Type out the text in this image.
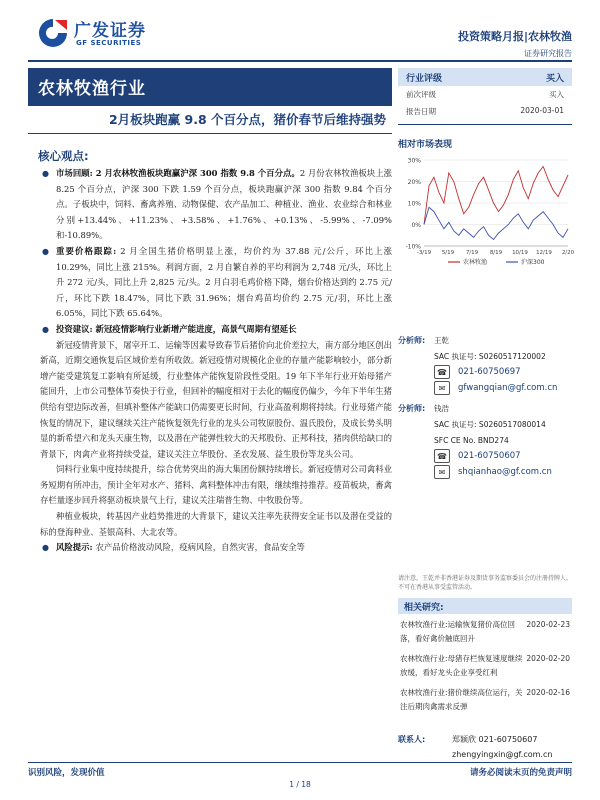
广发证券
GF SECURITIES	投资策略月报|农林牧渔
证券研究报告
农林牧渔行业
2月板块跑赢 9.8 个百分点，猪价春节后维持强势
核心观点:

● 市场回顾: 2 月农林牧渔板块跑赢沪深 300 指数 9.8 个百分点。2 月份农林牧渔板块上涨 8.25 个百分点，沪深 300 下跌 1.59 个百分点，板块跑赢沪深 300 指数 9.84 个百分点。子板块中，饲料、畜禽养殖、动物保健、农产品加工、种植业、渔业、农业综合和林业分别+13.44%、+11.23%、+3.58%、+1.76%、+0.13%、-5.99%、-7.09%和-10.89%。

● 重要价格跟踪: 2 月全国生猪价格明显上涨，均价约为 37.88 元/公斤，环比上涨 10.29%，同比上涨 215%。利润方面，2 月自繁自养的平均利润为 2,748 元/头，环比上升 272 元/头，同比上升 2,825 元/头。2 月白羽毛鸡价格下降，烟台价格达到约 2.75 元/斤，环比下跌 18.47%，同比下跌 31.96%；烟台鸡苗均价约 2.75 元/羽，环比上涨 6.05%，同比下跌 65.64%。

● 投资建议: 新冠疫情影响行业新增产能进度，高景气周期有望延长

新冠疫情背景下，屠宰开工、运输等因素导致春节后猪价向北价差拉大，南方部分地区创出新高，近期交通恢复后区域价差有所收敛。新冠疫情对规模化企业的存量产能影响较小，部分新增产能受建筑复工影响有所延缓，行业整体产能恢复阶段性受阻。19 年下半年行业开始母猪产能回升，上市公司整体节奏快于行业，但回补的幅度相对于去化的幅度仍偏少，今年下半年生猪供给有望边际改善，但填补整体产能缺口仍需要更长时间，行业高盈利期将持续。行业母猪产能恢复的情况下，建议继续关注产能恢复领先行业的龙头公司牧原股份、温氏股份，及成长势头明显的新希望六和龙头天康生物，以及潜在产能弹性较大的天邦股份、正邦科技，猪肉供给缺口的背景下，肉禽产业将持续受益，建议关注立华股份、圣农发展、益生股份等龙头公司。

饲料行业集中度持续提升，综合优势突出的海大集团份额持续增长。新冠疫情对公司禽料业务短期有所冲击，预计全年对水产、猪料、禽料整体冲击有限，继续维持推荐。疫苗板块，畜禽存栏量逐步回升将驱动板块景气上行，建议关注瑞普生物、中牧股份等。

种植业板块，转基因产业趋势推进的大背景下，建议关注率先获得安全证书以及潜在受益的标的登海种业、荃银高科、大北农等。

● 风险提示: 农产品价格波动风险，疫病风险，自然灾害，食品安全等

行业评级	买入
前次评级	买入
报告日期	2020-03-01
相对市场表现
30%
20%
10%
0%
-10%
-3/19 5/19 7/19 8/19 10/19 12/19 2/20
农林牧渔	沪深300
分析师:	王乾
SAC 执证号: S0260517120002
☎	021-60750697
✉	gfwangqian@gf.com.cn
分析师:	钱浩
SAC 执证号: S0260517080014
SFC CE No. BND274
☎	021-60750607
✉	shqianhao@gf.com.cn
请注意，王乾并非香港证券及期货事务监察委员会的注册持牌人，不可在香港从事受监管活动。
相关研究:
农林牧渔行业:运输恢复猪价高位回落，看好禽价触底回升
2020-02-23
农林牧渔行业:母猪存栏恢复速度继续放缓，看好龙头企业享受红利
2020-02-20
农林牧渔行业:猪价继续高位运行，关注后期肉禽需求反弹
2020-02-16
联系人:	郑颖欣 021-60750607
zhengyingxin@gf.com.cn
识别风险，发现价值	请务必阅读末页的免责声明
1 / 18
